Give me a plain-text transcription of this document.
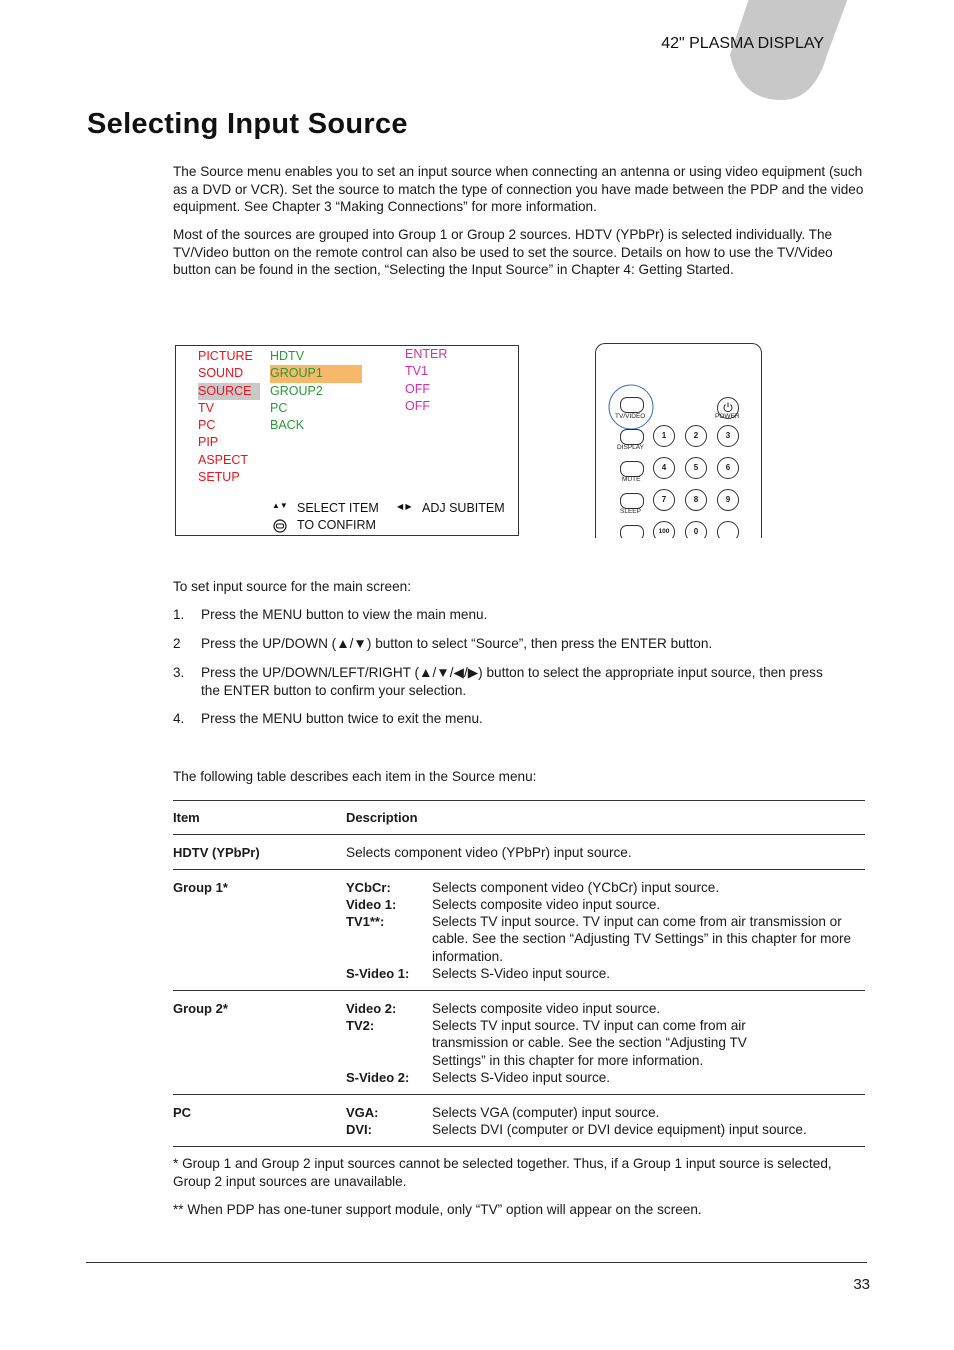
42" PLASMA DISPLAY
Selecting Input Source
The Source menu enables you to set an input source when connecting an antenna or using video equipment (such as a DVD or VCR). Set the source to match the type of connection you have made between the PDP and the video equipment. See Chapter 3 “Making Connections” for more information.
Most of the sources are grouped into Group 1 or Group 2 sources. HDTV (YPbPr) is selected individually. The TV/Video button on the remote control can also be used to set the source. Details on how to use the TV/Video button can be found in the section, “Selecting the Input Source” in Chapter 4: Getting Started.
PICTURE
SOUND
SOURCE
TV
PC
PIP
ASPECT
SETUP
HDTV
GROUP1
GROUP2
PC
BACK
ENTER
TV1
OFF
OFF
▲▼ SELECT ITEM ◀ ▶ ADJ SUBITEM
TO CONFIRM
TV/VIDEO	POWER
DISPLAY
1	2	3
MUTE
4	5	6
SLEEP
7	8	9
100	0
To set input source for the main screen:
1.	Press the MENU button to view the main menu.
2	Press the UP/DOWN (▲/▼) button to select “Source”, then press the ENTER button.
3.	Press the UP/DOWN/LEFT/RIGHT (▲/▼/◀/▶) button to select the appropriate input source, then press the ENTER button to confirm your selection.
4.	Press the MENU button twice to exit the menu.
The following table describes each item in the Source menu:
Item	Description
HDTV (YPbPr)	Selects component video (YPbPr) input source.
Group 1*	YCbCr:	Selects component video (YCbCr) input source.
Video 1:	Selects composite video input source.
TV1**:	Selects TV input source. TV input can come from air transmission or cable. See the section “Adjusting TV Settings” in this chapter for more information.
S-Video 1: Selects S-Video input source.
Group 2*	Video 2:	Selects composite video input source.
TV2:	Selects TV input source. TV input can come from air transmission or cable. See the section “Adjusting TV Settings” in this chapter for more information.
S-Video 2: Selects S-Video input source.
PC	VGA:	Selects VGA (computer) input source.
DVI:	Selects DVI (computer or DVI device equipment) input source.
* Group 1 and Group 2 input sources cannot be selected together. Thus, if a Group 1 input source is selected, Group 2 input sources are unavailable.
** When PDP has one-tuner support module, only “TV” option will appear on the screen.
33
